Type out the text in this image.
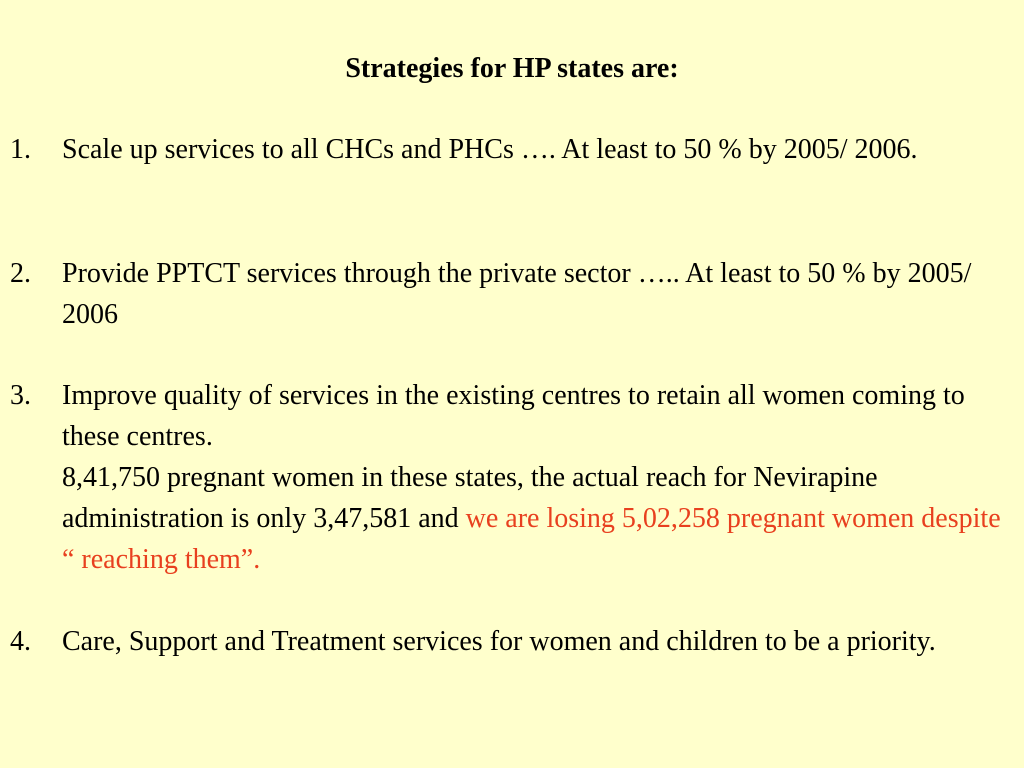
Strategies for HP states are:
1. Scale up services to all CHCs and PHCs …. At least to 50 % by 2005/ 2006.
2. Provide PPTCT services through the private sector ….. At least to 50 % by 2005/ 2006
3. Improve quality of services in the existing centres to retain all women coming to these centres.
8,41,750 pregnant women in these states, the actual reach for Nevirapine administration is only 3,47,581 and we are losing 5,02,258 pregnant women despite “ reaching them”.
4. Care, Support and Treatment services for women and children to be a priority.
